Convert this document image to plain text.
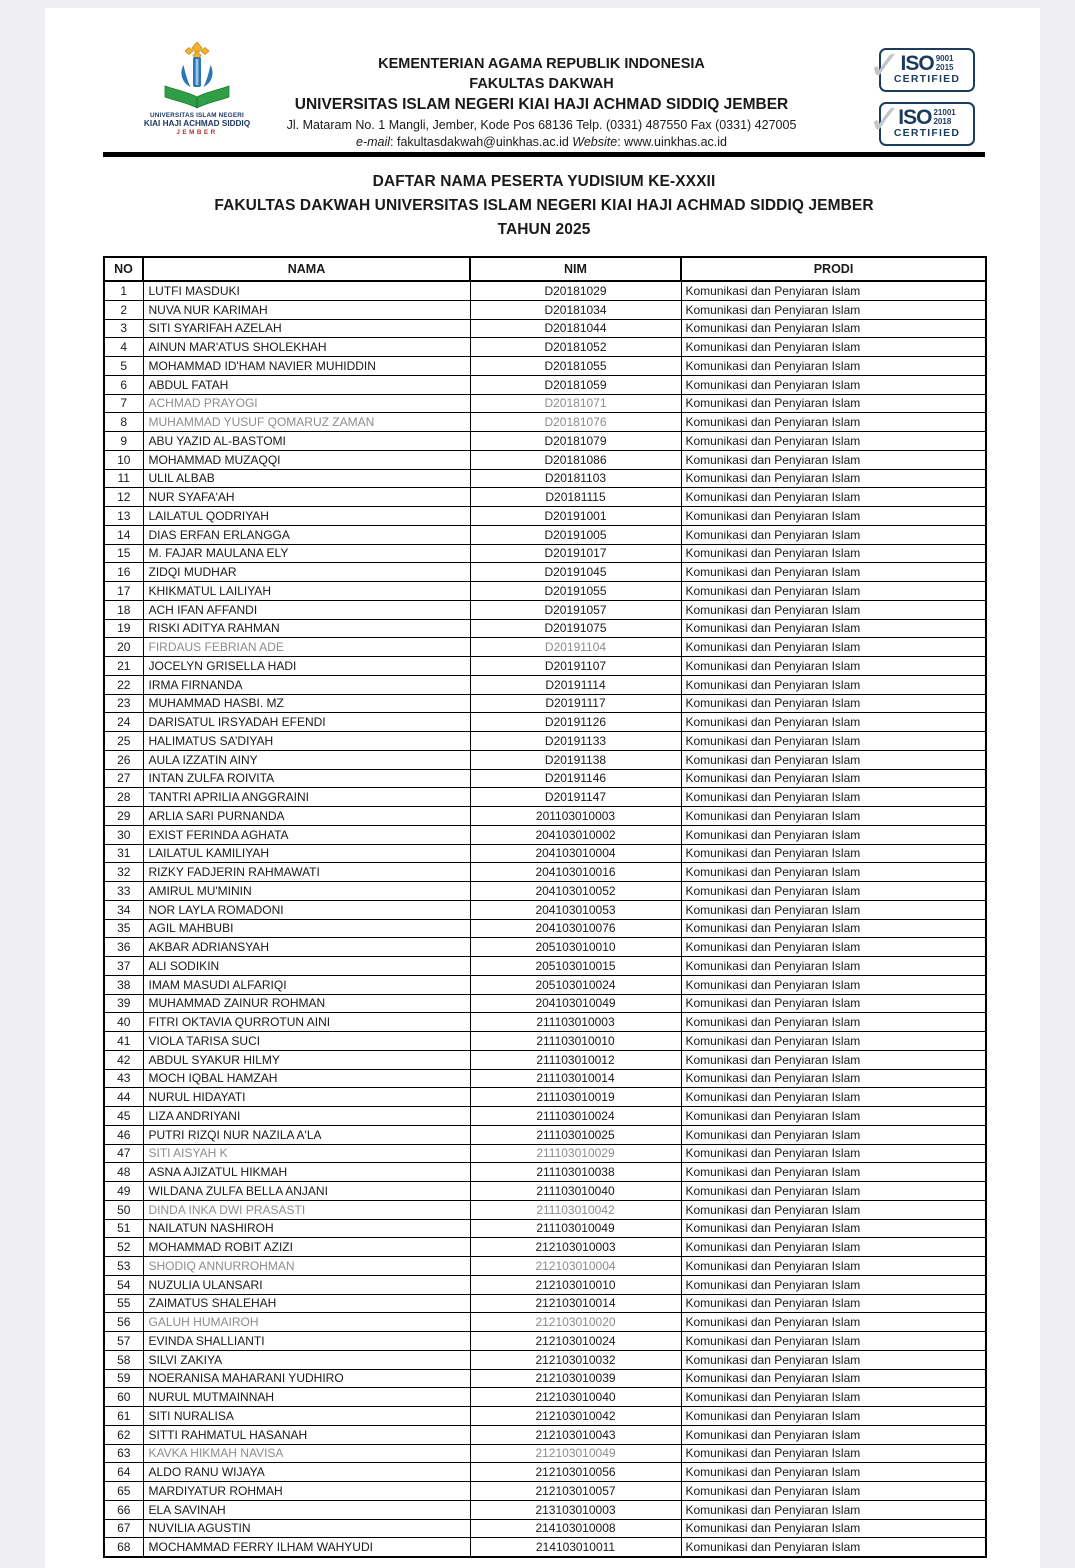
UNIVERSITAS ISLAM NEGERI
KIAI HAJI ACHMAD SIDDIQ
JEMBER
KEMENTERIAN AGAMA REPUBLIK INDONESIA
FAKULTAS DAKWAH
UNIVERSITAS ISLAM NEGERI KIAI HAJI ACHMAD SIDDIQ JEMBER
Jl. Mataram No. 1 Mangli, Jember, Kode Pos 68136 Telp. (0331) 487550 Fax (0331) 427005
e-mail: fakultasdakwah@uinkhas.ac.id Website: www.uinkhas.ac.id
✓
ISO 9001
2015
CERTIFIED
✓
ISO 21001
2018
CERTIFIED
DAFTAR NAMA PESERTA YUDISIUM KE-XXXII
FAKULTAS DAKWAH UNIVERSITAS ISLAM NEGERI KIAI HAJI ACHMAD SIDDIQ JEMBER
TAHUN 2025
NO	NAMA	NIM	PRODI
1	LUTFI MASDUKI	D20181029	Komunikasi dan Penyiaran Islam
2	NUVA NUR KARIMAH	D20181034	Komunikasi dan Penyiaran Islam
3	SITI SYARIFAH AZELAH	D20181044	Komunikasi dan Penyiaran Islam
4	AINUN MAR'ATUS SHOLEKHAH	D20181052	Komunikasi dan Penyiaran Islam
5	MOHAMMAD ID'HAM NAVIER MUHIDDIN	D20181055	Komunikasi dan Penyiaran Islam
6	ABDUL FATAH	D20181059	Komunikasi dan Penyiaran Islam
7	ACHMAD PRAYOGI	D20181071	Komunikasi dan Penyiaran Islam
8	MUHAMMAD YUSUF QOMARUZ ZAMAN	D20181076	Komunikasi dan Penyiaran Islam
9	ABU YAZID AL-BASTOMI	D20181079	Komunikasi dan Penyiaran Islam
10	MOHAMMAD MUZAQQI	D20181086	Komunikasi dan Penyiaran Islam
11	ULIL ALBAB	D20181103	Komunikasi dan Penyiaran Islam
12	NUR SYAFA'AH	D20181115	Komunikasi dan Penyiaran Islam
13	LAILATUL QODRIYAH	D20191001	Komunikasi dan Penyiaran Islam
14	DIAS ERFAN ERLANGGA	D20191005	Komunikasi dan Penyiaran Islam
15	M. FAJAR MAULANA ELY	D20191017	Komunikasi dan Penyiaran Islam
16	ZIDQI MUDHAR	D20191045	Komunikasi dan Penyiaran Islam
17	KHIKMATUL LAILIYAH	D20191055	Komunikasi dan Penyiaran Islam
18	ACH IFAN AFFANDI	D20191057	Komunikasi dan Penyiaran Islam
19	RISKI ADITYA RAHMAN	D20191075	Komunikasi dan Penyiaran Islam
20	FIRDAUS FEBRIAN ADE	D20191104	Komunikasi dan Penyiaran Islam
21	JOCELYN GRISELLA HADI	D20191107	Komunikasi dan Penyiaran Islam
22	IRMA FIRNANDA	D20191114	Komunikasi dan Penyiaran Islam
23	MUHAMMAD HASBI. MZ	D20191117	Komunikasi dan Penyiaran Islam
24	DARISATUL IRSYADAH EFENDI	D20191126	Komunikasi dan Penyiaran Islam
25	HALIMATUS SA’DIYAH	D20191133	Komunikasi dan Penyiaran Islam
26	AULA IZZATIN AINY	D20191138	Komunikasi dan Penyiaran Islam
27	INTAN ZULFA ROIVITA	D20191146	Komunikasi dan Penyiaran Islam
28	TANTRI APRILIA ANGGRAINI	D20191147	Komunikasi dan Penyiaran Islam
29	ARLIA SARI PURNANDA	201103010003	Komunikasi dan Penyiaran Islam
30	EXIST FERINDA AGHATA	204103010002	Komunikasi dan Penyiaran Islam
31	LAILATUL KAMILIYAH	204103010004	Komunikasi dan Penyiaran Islam
32	RIZKY FADJERIN RAHMAWATI	204103010016	Komunikasi dan Penyiaran Islam
33	AMIRUL MU'MININ	204103010052	Komunikasi dan Penyiaran Islam
34	NOR LAYLA ROMADONI	204103010053	Komunikasi dan Penyiaran Islam
35	AGIL MAHBUBI	204103010076	Komunikasi dan Penyiaran Islam
36	AKBAR ADRIANSYAH	205103010010	Komunikasi dan Penyiaran Islam
37	ALI SODIKIN	205103010015	Komunikasi dan Penyiaran Islam
38	IMAM MASUDI ALFARIQI	205103010024	Komunikasi dan Penyiaran Islam
39	MUHAMMAD ZAINUR ROHMAN	204103010049	Komunikasi dan Penyiaran Islam
40	FITRI OKTAVIA QURROTUN AINI	211103010003	Komunikasi dan Penyiaran Islam
41	VIOLA TARISA SUCI	211103010010	Komunikasi dan Penyiaran Islam
42	ABDUL SYAKUR HILMY	211103010012	Komunikasi dan Penyiaran Islam
43	MOCH IQBAL HAMZAH	211103010014	Komunikasi dan Penyiaran Islam
44	NURUL HIDAYATI	211103010019	Komunikasi dan Penyiaran Islam
45	LIZA ANDRIYANI	211103010024	Komunikasi dan Penyiaran Islam
46	PUTRI RIZQI NUR NAZILA A'LA	211103010025	Komunikasi dan Penyiaran Islam
47	SITI AISYAH K	211103010029	Komunikasi dan Penyiaran Islam
48	ASNA AJIZATUL HIKMAH	211103010038	Komunikasi dan Penyiaran Islam
49	WILDANA ZULFA BELLA ANJANI	211103010040	Komunikasi dan Penyiaran Islam
50	DINDA INKA DWI PRASASTI	211103010042	Komunikasi dan Penyiaran Islam
51	NAILATUN NASHIROH	211103010049	Komunikasi dan Penyiaran Islam
52	MOHAMMAD ROBIT AZIZI	212103010003	Komunikasi dan Penyiaran Islam
53	SHODIQ ANNURROHMAN	212103010004	Komunikasi dan Penyiaran Islam
54	NUZULIA ULANSARI	212103010010	Komunikasi dan Penyiaran Islam
55	ZAIMATUS SHALEHAH	212103010014	Komunikasi dan Penyiaran Islam
56	GALUH HUMAIROH	212103010020	Komunikasi dan Penyiaran Islam
57	EVINDA SHALLIANTI	212103010024	Komunikasi dan Penyiaran Islam
58	SILVI ZAKIYA	212103010032	Komunikasi dan Penyiaran Islam
59	NOERANISA MAHARANI YUDHIRO	212103010039	Komunikasi dan Penyiaran Islam
60	NURUL MUTMAINNAH	212103010040	Komunikasi dan Penyiaran Islam
61	SITI NURALISA	212103010042	Komunikasi dan Penyiaran Islam
62	SITTI RAHMATUL HASANAH	212103010043	Komunikasi dan Penyiaran Islam
63	KAVKA HIKMAH NAVISA	212103010049	Komunikasi dan Penyiaran Islam
64	ALDO RANU WIJAYA	212103010056	Komunikasi dan Penyiaran Islam
65	MARDIYATUR ROHMAH	212103010057	Komunikasi dan Penyiaran Islam
66	ELA SAVINAH	213103010003	Komunikasi dan Penyiaran Islam
67	NUVILIA AGUSTIN	214103010008	Komunikasi dan Penyiaran Islam
68	MOCHAMMAD FERRY ILHAM WAHYUDI	214103010011	Komunikasi dan Penyiaran Islam
